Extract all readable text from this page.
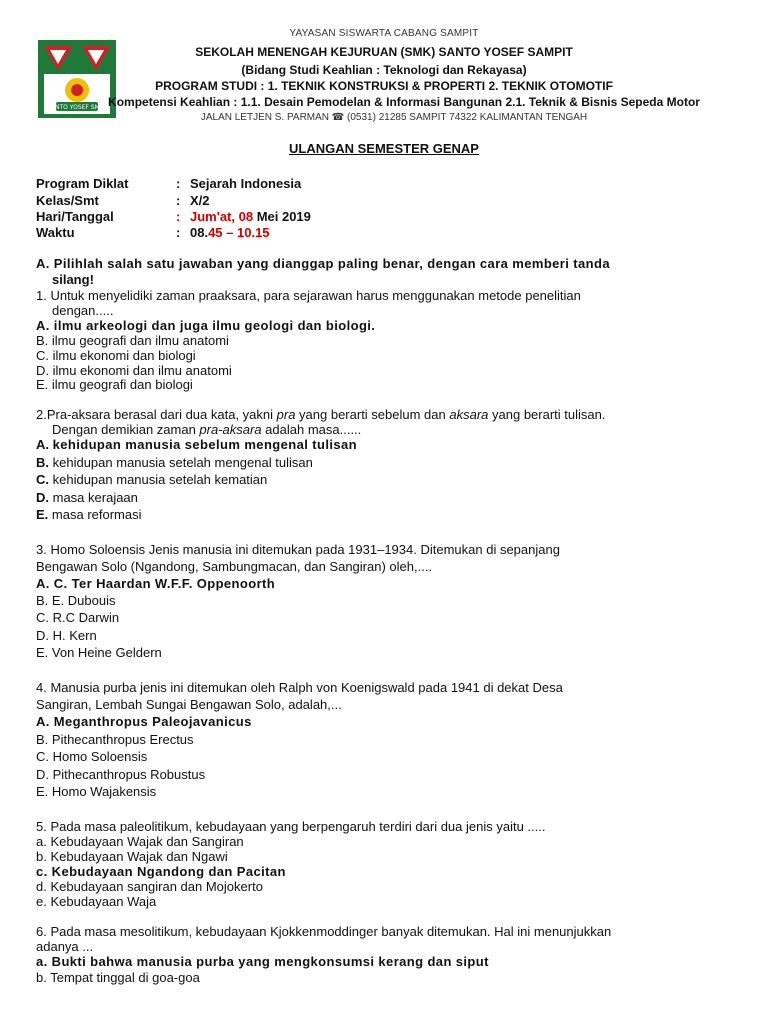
SANTO YOSEF SMPT
YAYASAN SISWARTA CABANG SAMPIT
SEKOLAH MENENGAH KEJURUAN (SMK) SANTO YOSEF SAMPIT
(Bidang Studi Keahlian : Teknologi dan Rekayasa)
PROGRAM STUDI : 1. TEKNIK KONSTRUKSI & PROPERTI 2. TEKNIK OTOMOTIF
Kompetensi Keahlian : 1.1. Desain Pemodelan & Informasi Bangunan 2.1. Teknik & Bisnis Sepeda Motor
JALAN LETJEN S. PARMAN ☎ (0531) 21285 SAMPIT 74322 KALIMANTAN TENGAH
ULANGAN SEMESTER GENAP
Program Diklat	: Sejarah Indonesia
Kelas/Smt	: X/2
Hari/Tanggal	: Jum'at, 08 Mei 2019
Waktu	: 08.45 – 10.15
A. Pilihlah salah satu jawaban yang dianggap paling benar, dengan cara memberi tanda
silang!
1. Untuk menyelidiki zaman praaksara, para sejarawan harus menggunakan metode penelitian
dengan.....
A. ilmu arkeologi dan juga ilmu geologi dan biologi.
B. ilmu geografi dan ilmu anatomi
C. ilmu ekonomi dan biologi
D. ilmu ekonomi dan ilmu anatomi
E. ilmu geografi dan biologi
2.Pra-aksara berasal dari dua kata, yakni pra yang berarti sebelum dan aksara yang berarti tulisan.
Dengan demikian zaman pra-aksara adalah masa......
A. kehidupan manusia sebelum mengenal tulisan
B. kehidupan manusia setelah mengenal tulisan
C. kehidupan manusia setelah kematian
D. masa kerajaan
E. masa reformasi
3. Homo Soloensis Jenis manusia ini ditemukan pada 1931–1934. Ditemukan di sepanjang
Bengawan Solo (Ngandong, Sambungmacan, dan Sangiran) oleh,....
A. C. Ter Haardan W.F.F. Oppenoorth
B. E. Dubouis
C. R.C Darwin
D. H. Kern
E. Von Heine Geldern
4. Manusia purba jenis ini ditemukan oleh Ralph von Koenigswald pada 1941 di dekat Desa
Sangiran, Lembah Sungai Bengawan Solo, adalah,...
A. Meganthropus Paleojavanicus
B. Pithecanthropus Erectus
C. Homo Soloensis
D. Pithecanthropus Robustus
E. Homo Wajakensis
5. Pada masa paleolitikum, kebudayaan yang berpengaruh terdiri dari dua jenis yaitu .....
a. Kebudayaan Wajak dan Sangiran
b. Kebudayaan Wajak dan Ngawi
c. Kebudayaan Ngandong dan Pacitan
d. Kebudayaan sangiran dan Mojokerto
e. Kebudayaan Waja
6. Pada masa mesolitikum, kebudayaan Kjokkenmoddinger banyak ditemukan. Hal ini menunjukkan
adanya ...
a. Bukti bahwa manusia purba yang mengkonsumsi kerang dan siput
b. Tempat tinggal di goa-goa
